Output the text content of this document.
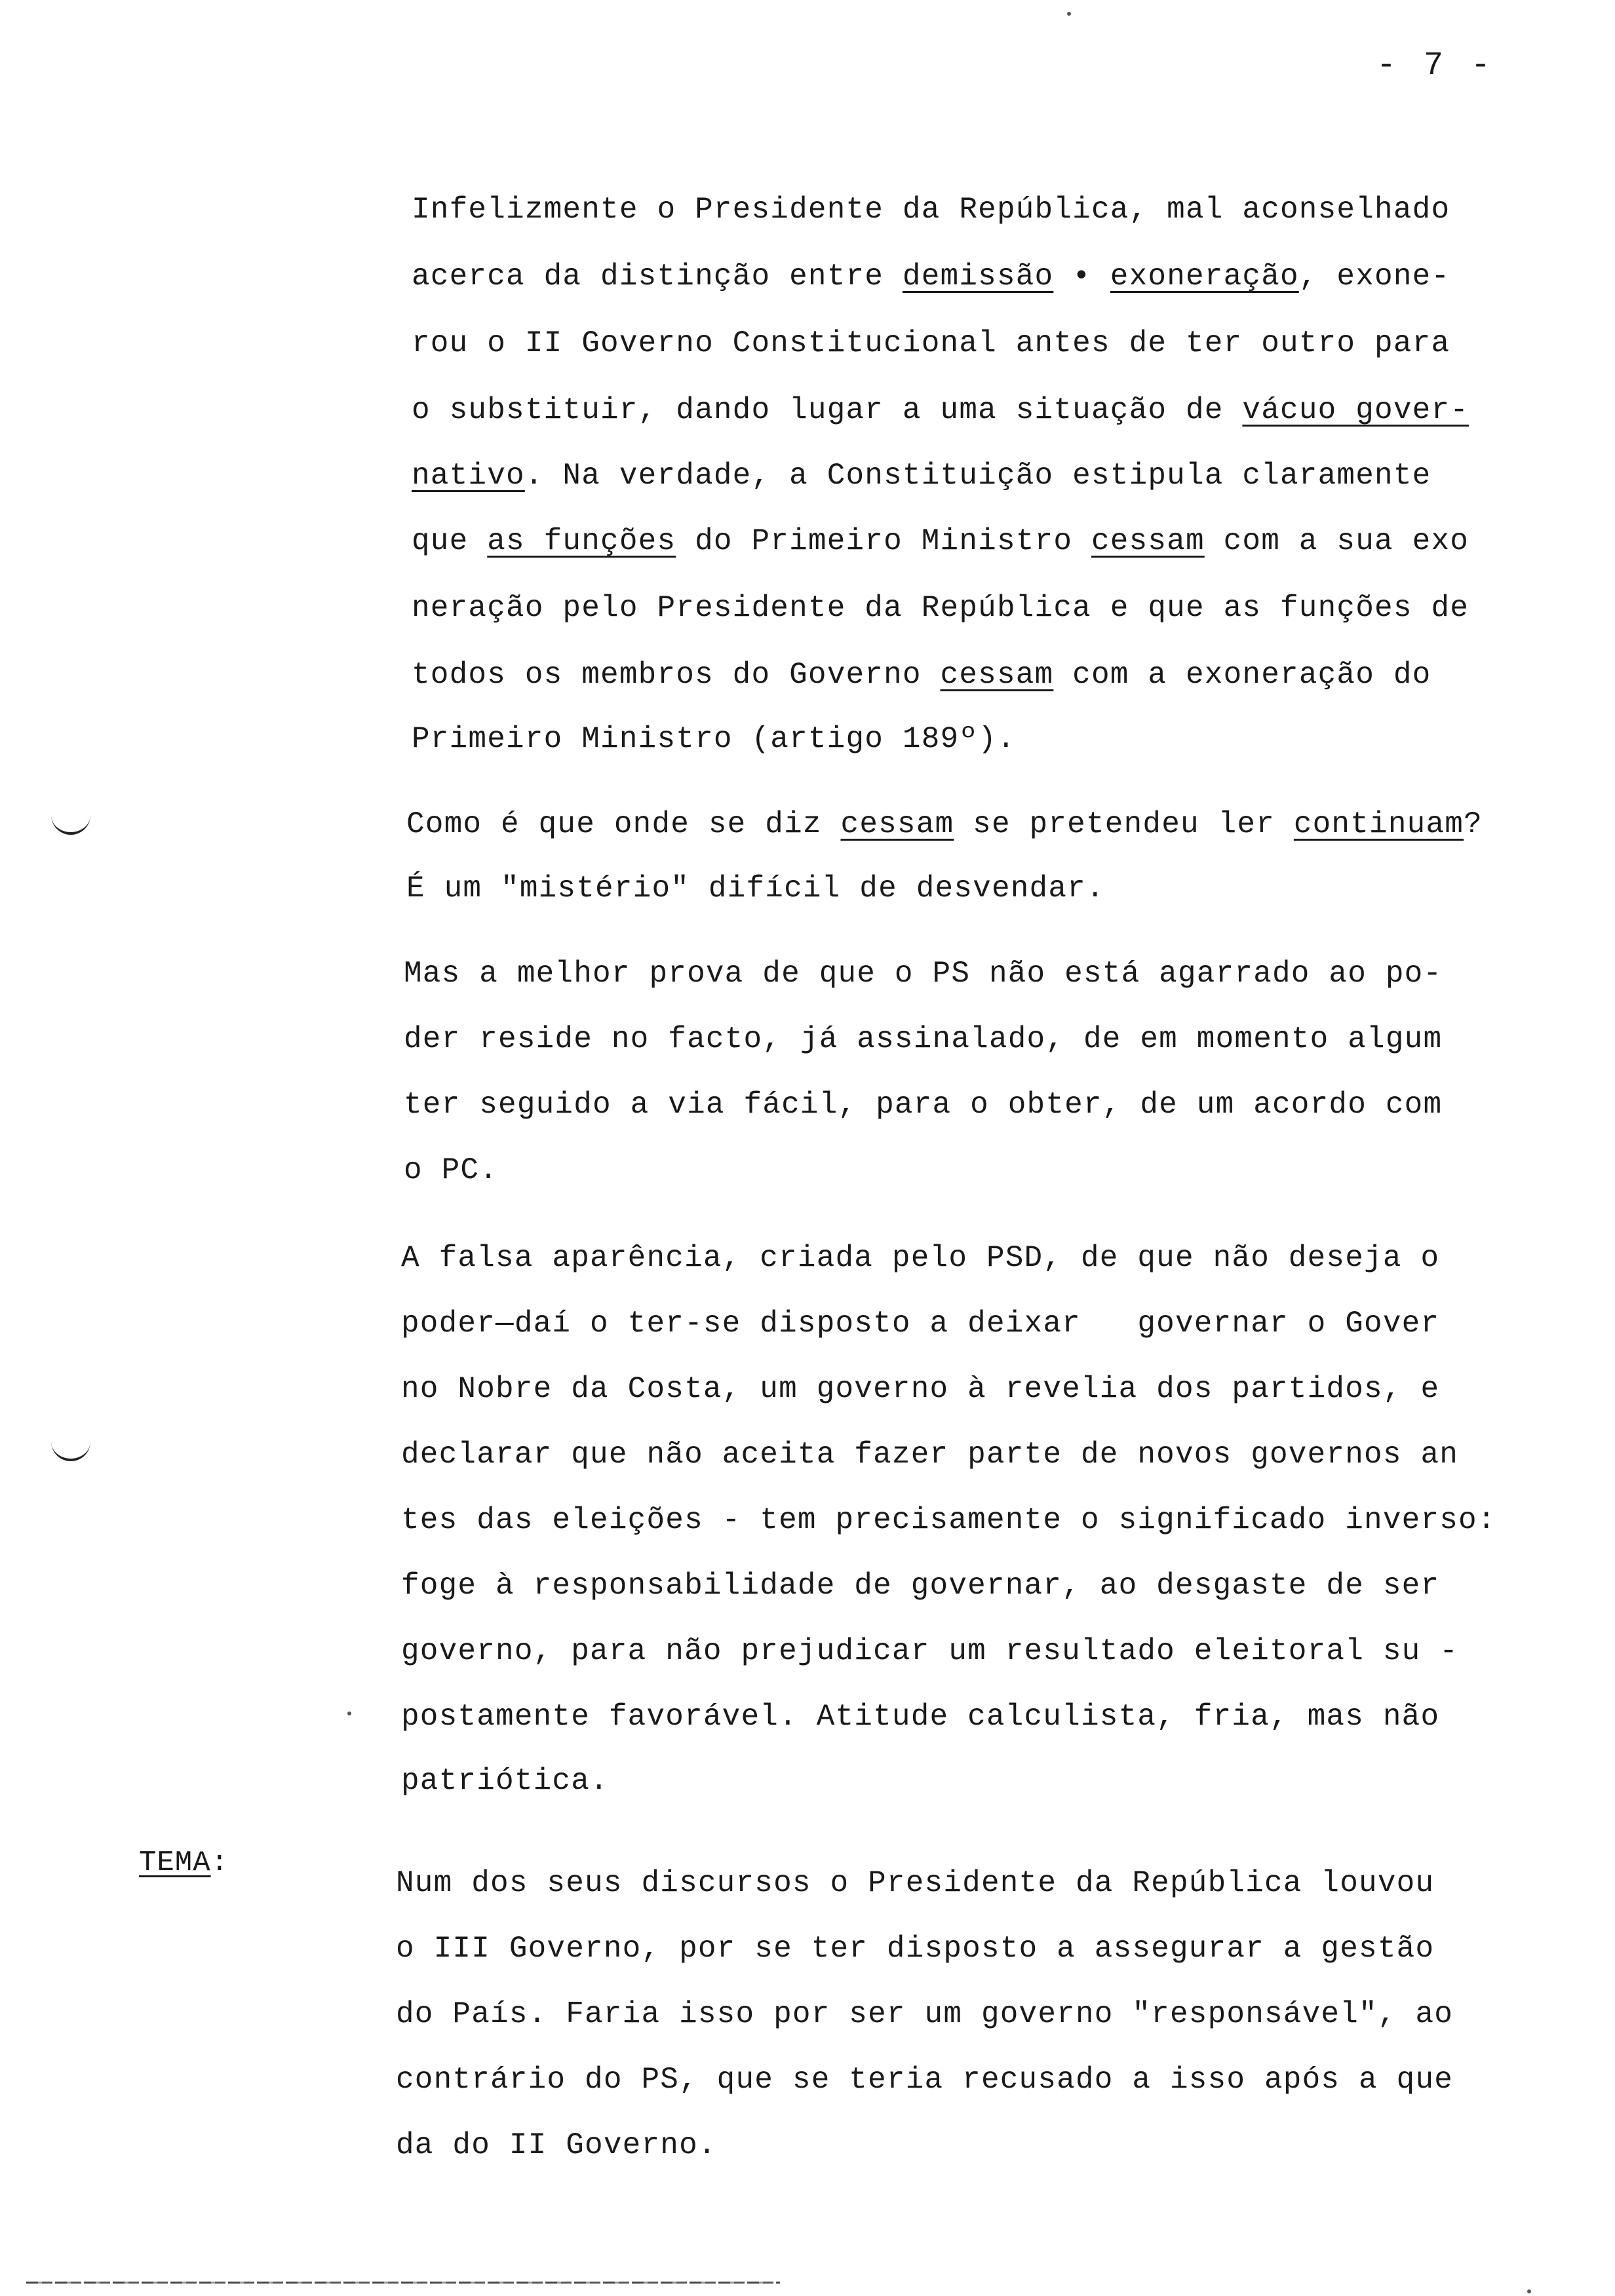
- 7 -
Infelizmente o Presidente da República, mal aconselhado
acerca da distinção entre demissão • exoneração, exone-
rou o II Governo Constitucional antes de ter outro para
o substituir, dando lugar a uma situação de vácuo gover-
nativo. Na verdade, a Constituição estipula claramente
que as funções do Primeiro Ministro cessam com a sua exo
neração pelo Presidente da República e que as funções de
todos os membros do Governo cessam com a exoneração do
Primeiro Ministro (artigo 189º).
Como é que onde se diz cessam se pretendeu ler continuam?
É um "mistério" difícil de desvendar.
Mas a melhor prova de que o PS não está agarrado ao po-
der reside no facto, já assinalado, de em momento algum
ter seguido a via fácil, para o obter, de um acordo com
o PC.
A falsa aparência, criada pelo PSD, de que não deseja o
poder—daí o ter-se disposto a deixar   governar o Gover
no Nobre da Costa, um governo à revelia dos partidos, e
declarar que não aceita fazer parte de novos governos an
tes das eleições - tem precisamente o significado inverso:
foge à responsabilidade de governar, ao desgaste de ser
governo, para não prejudicar um resultado eleitoral su -
postamente favorável. Atitude calculista, fria, mas não
patriótica.
TEMA:
Num dos seus discursos o Presidente da República louvou
o III Governo, por se ter disposto a assegurar a gestão
do País. Faria isso por ser um governo "responsável", ao
contrário do PS, que se teria recusado a isso após a que
da do II Governo.
